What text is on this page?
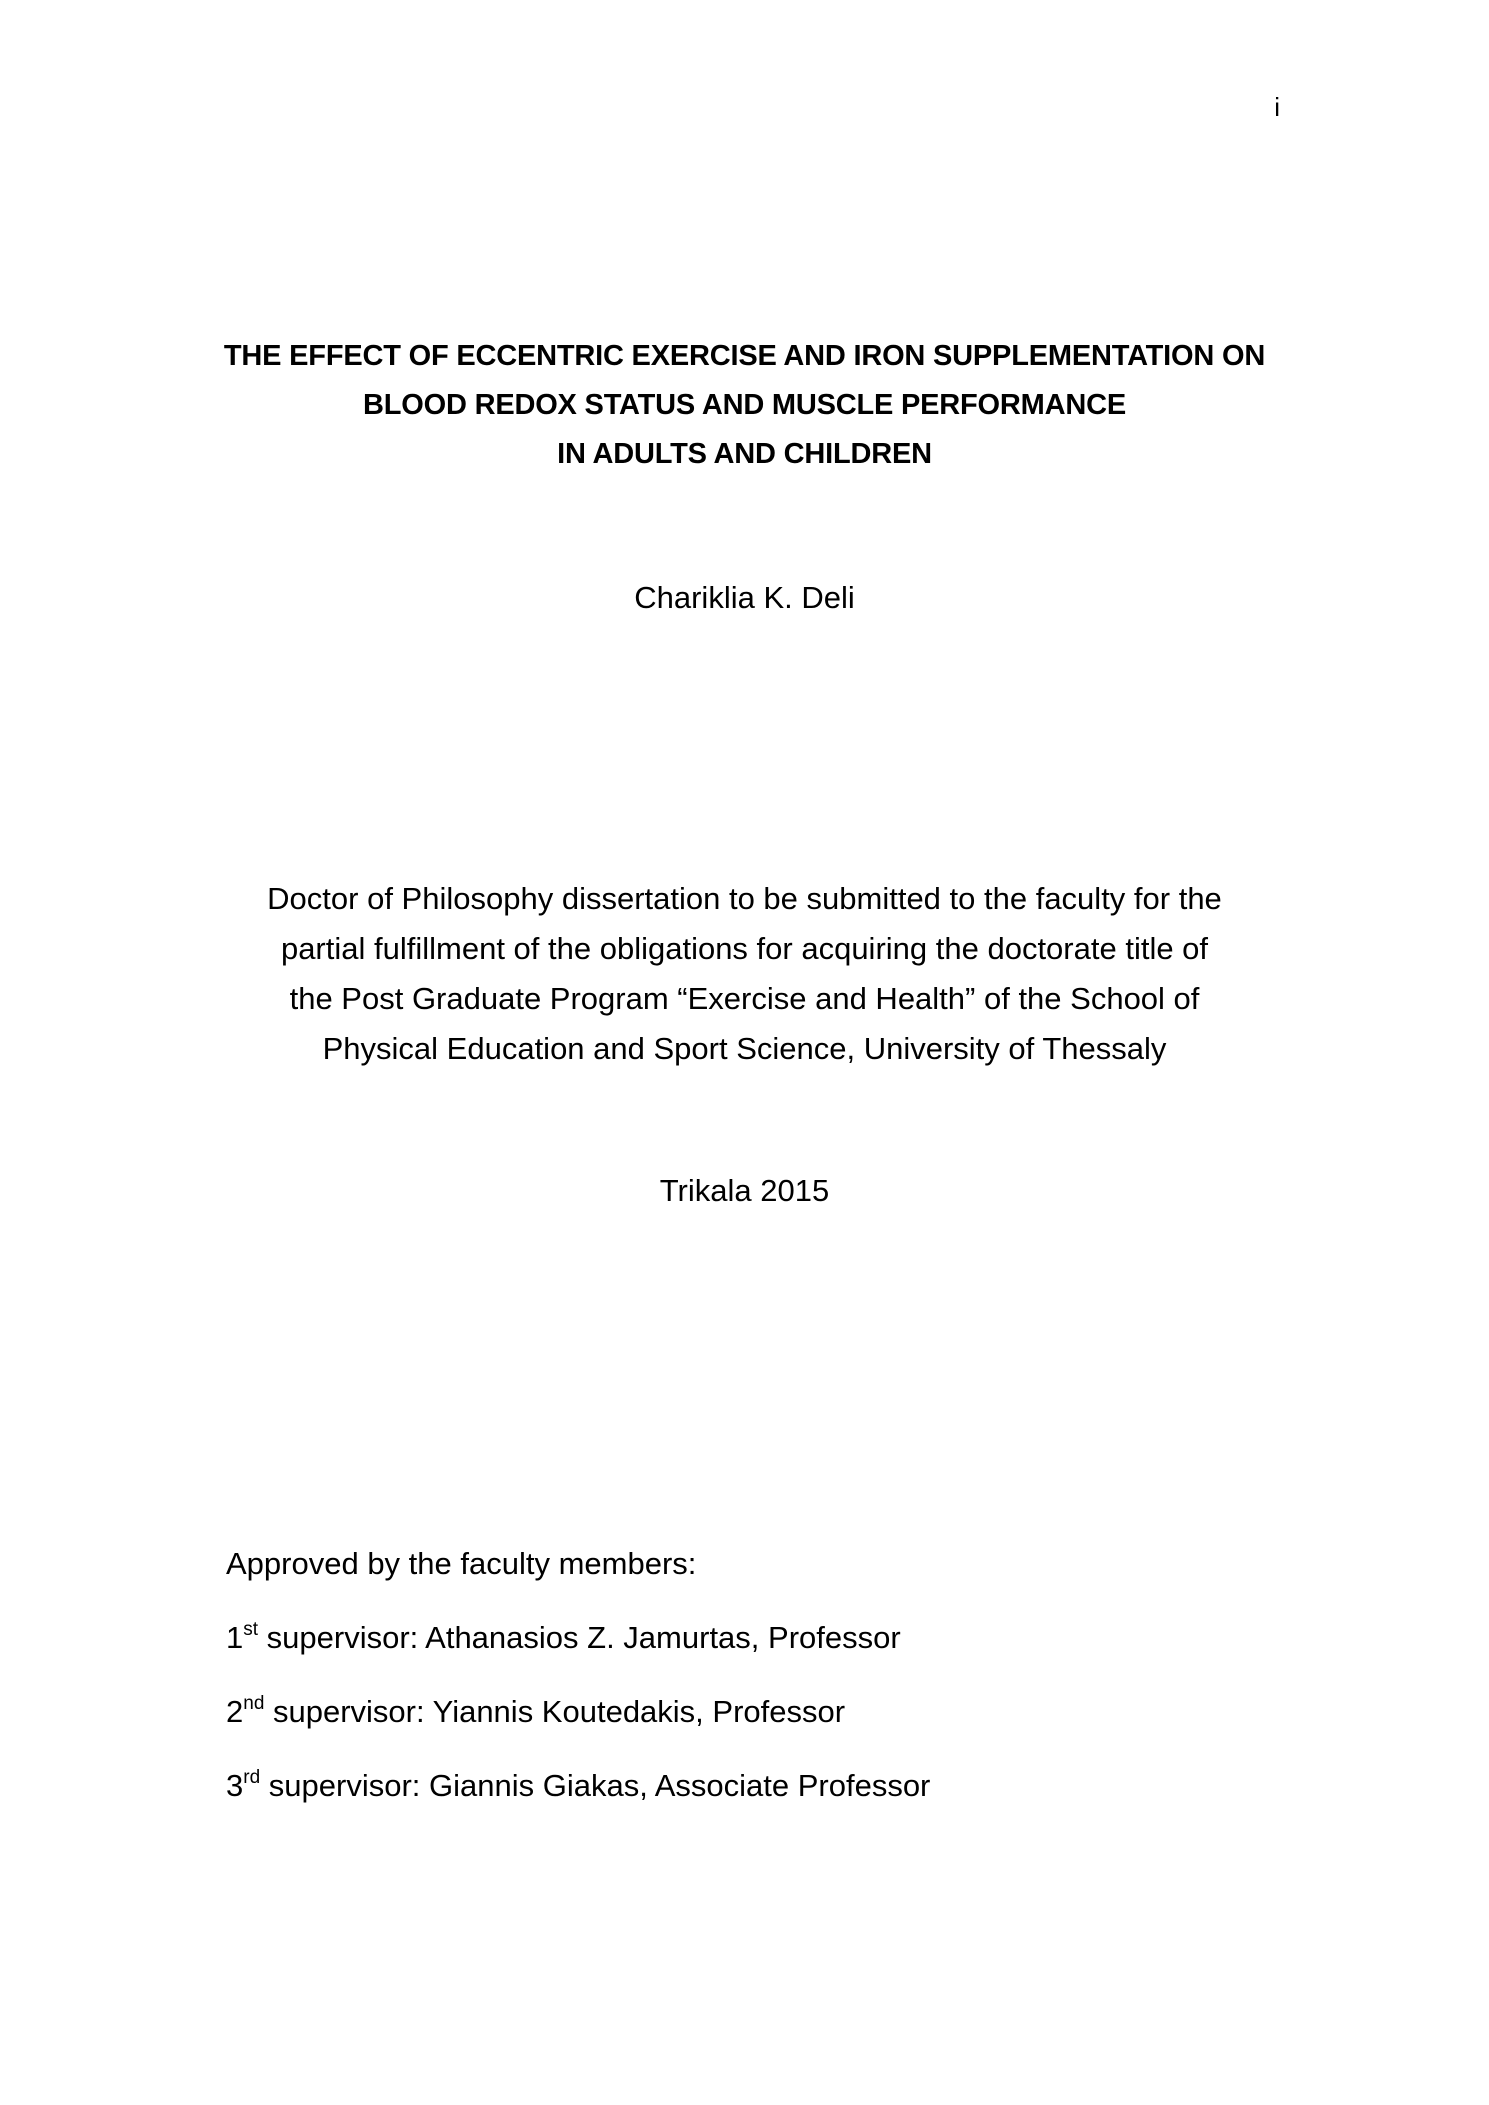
i
THE EFFECT OF ECCENTRIC EXERCISE AND IRON SUPPLEMENTATION ON
BLOOD REDOX STATUS AND MUSCLE PERFORMANCE
IN ADULTS AND CHILDREN
Chariklia K. Deli
Doctor of Philosophy dissertation to be submitted to the faculty for the
partial fulfillment of the obligations for acquiring the doctorate title of
the Post Graduate Program “Exercise and Health” of the School of
Physical Education and Sport Science, University of Thessaly
Trikala 2015
Approved by the faculty members:
1st supervisor: Athanasios Z. Jamurtas, Professor
2nd supervisor: Yiannis Koutedakis, Professor
3rd supervisor: Giannis Giakas, Associate Professor
